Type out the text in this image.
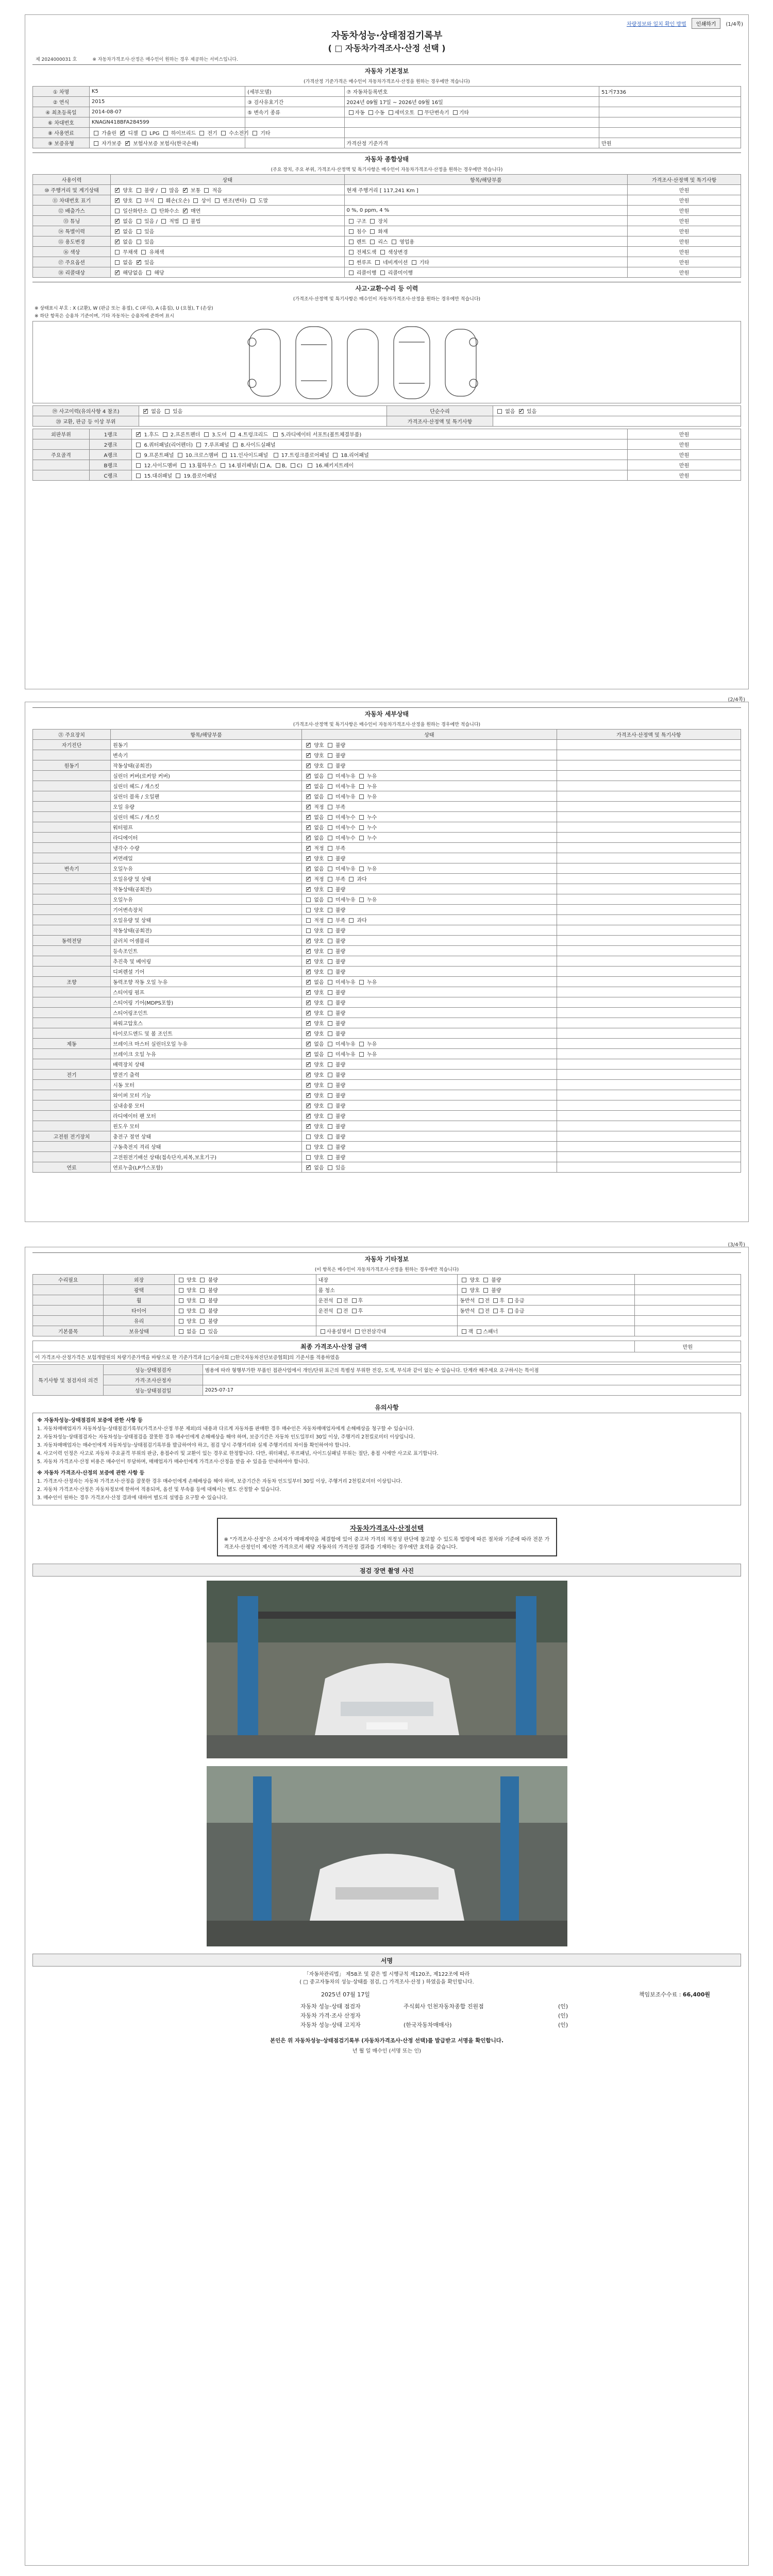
차량정보와 일치 확인 방법	인쇄하기	(1/4쪽)
자동차성능·상태점검기록부
( □ 자동차가격조사·산정 선택 )
제 2024000031 호	※ 자동차가격조사·산정은 매수인이 원하는 경우 제공하는 서비스입니다.
자동차 기본정보
(가격산정 기준가격은 매수인이 자동차가격조사·산정을 원하는 경우에만 적습니다)
① 차명	K5	(세부모델)	⑦ 자동차등록번호	51거7336
② 연식	2015	③ 검사유효기간	2024년 09월 17일 ~ 2026년 09월 16일	
④ 최초등록일	2014-08-07	⑤ 변속기 종류	자동 수동 세미오토 무단변속기 기타	
⑥ 차대번호	KNAGN418BFA284599			
⑧ 사용연료	가솔린 ✓ 디젤  LPG  하이브리드  전기  수소전기  기타			
⑨ 보증유형	자가보증 ✓ 보험사보증 보험사(한국손해)		가격산정 기준가격	만원
자동차 종합상태
(주요 장치, 주요 부위, 가격조사·산정액 및 특기사항은 매수인이 자동차가격조사·산정을 원하는 경우에만 적습니다)
사용이력	상태	항목/해당부품	가격조사·산정액 및 특기사항
⑩ 주행거리 및 계기상태	✓ 양호  불량 /  많음 ✓ 보통  적음	현재 주행거리 [ 117,241 Km ]	만원
⑪ 차대번호 표기	✓ 양호  부식  훼손(오손)  상이  변조(변타)  도말		만원
⑫ 배출가스	일산화탄소  탄화수소 ✓ 매연	0 %, 0 ppm, 4 %	만원
⑬ 튜닝	✓ 없음  있음 /  적법  불법	구조  장치	만원
⑭ 특별이력	✓ 없음  있음	침수  화재	만원
⑮ 용도변경	✓ 없음  있음	렌트  리스  영업용	만원
⑯ 색상	무채색  유채색	전체도색  색상변경	만원
⑰ 주요옵션	없음 ✓ 있음	썬루프  네비게이션  기타	만원
⑱ 리콜대상	✓ 해당없음  해당	리콜이행  리콜미이행	만원
사고·교환·수리 등 이력
(가격조사·산정액 및 특기사항은 매수인이 자동차가격조사·산정을 원하는 경우에만 적습니다)
※ 상태표시 부호 : X (교환), W (판금 또는 용접), C (부식), A (흠집), U (요철), T (손상)
※ 하단 항목은 승용차 기준이며, 기타 자동차는 승용차에 준하여 표시
⑲ 사고이력(유의사항 4 참조)	✓ 없음  있음	단순수리	없음 ✓ 있음
⑳ 교환, 판금 등 이상 부위		가격조사·산정액 및 특기사항	
외판부위	1랭크	✓ 1.후드  2.프론트펜더  3.도어  4.트렁크리드   5.라디에이터 서포트(볼트체결부품)	만원
	2랭크	6.쿼터패널(리어펜더)  7.루프패널  8.사이드실패널	만원
주요골격	A랭크	9.프론트패널  10.크로스멤버  11.인사이드패널   17.트렁크플로어패널  18.리어패널	만원
	B랭크	12.사이드멤버  13.휠하우스  14.필러패널( A, B, C)   16.패키지트레이	만원
	C랭크	15.대쉬패널  19.플로어패널	만원
(2/4쪽)
자동차 세부상태
(가격조사·산정액 및 특기사항은 매수인이 자동차가격조사·산정을 원하는 경우에만 적습니다)
㉑ 주요장치	항목/해당부품	상태	가격조사·산정액 및 특기사항
자기진단	원동기	✓ 양호  불량	
	변속기	✓ 양호  불량	
원동기	작동상태(공회전)	✓ 양호  불량	
	실린더 커버(로커암 커버)	✓ 없음  미세누유  누유	
	실린더 헤드 / 개스킷	✓ 없음  미세누유  누유	
	실린더 블록 / 오일팬	✓ 없음  미세누유  누유	
	오일 유량	✓ 적정  부족	
	실린더 헤드 / 개스킷	✓ 없음  미세누수  누수	
	워터펌프	✓ 없음  미세누수  누수	
	라디에이터	✓ 없음  미세누수  누수	
	냉각수 수량	✓ 적정  부족	
	커먼레일	✓ 양호  불량	
변속기	오일누유	✓ 없음  미세누유  누유	
	오일유량 및 상태	✓ 적정  부족  과다	
	작동상태(공회전)	✓ 양호  불량	
	오일누유	없음  미세누유  누유	
	기어변속장치	양호  불량	
	오일유량 및 상태	적정  부족  과다	
	작동상태(공회전)	양호  불량	
동력전달	클러치 어셈블리	✓ 양호  불량	
	등속조인트	✓ 양호  불량	
	추진축 및 베어링	✓ 양호  불량	
	디퍼렌셜 기어	✓ 양호  불량	
조향	동력조향 작동 오일 누유	✓ 없음  미세누유  누유	
	스티어링 펌프	✓ 양호  불량	
	스티어링 기어(MDPS포함)	✓ 양호  불량	
	스티어링조인트	✓ 양호  불량	
	파워고압호스	✓ 양호  불량	
	타이로드엔드 및 볼 조인트	✓ 양호  불량	
제동	브레이크 마스터 실린더오일 누유	✓ 없음  미세누유  누유	
	브레이크 오일 누유	✓ 없음  미세누유  누유	
	배력장치 상태	✓ 양호  불량	
전기	발전기 출력	✓ 양호  불량	
	시동 모터	✓ 양호  불량	
	와이퍼 모터 기능	✓ 양호  불량	
	실내송풍 모터	✓ 양호  불량	
	라디에이터 팬 모터	✓ 양호  불량	
	윈도우 모터	✓ 양호  불량	
고전원 전기장치	충전구 절연 상태	양호  불량	
	구동축전지 격리 상태	양호  불량	
	고전원전기배선 상태(접속단자,피복,보호기구)	양호  불량	
연료	연료누출(LP가스포함)	✓ 없음  있음	
(3/4쪽)
자동차 기타정보
(이 항목은 매수인이 자동차가격조사·산정을 원하는 경우에만 적습니다)
수리필요	외장	양호  불량	내장	양호  불량	
	광택	양호  불량	룸 청소	양호  불량	
	휠	양호  불량	운전석 전 후	동반석 전 후 응급	
	타이어	양호  불량	운전석 전 후	동반석 전 후 응급	
	유리	양호  불량			
기본품목	보유상태	없음  있음	사용설명서 안전삼각대	잭 스패너	
최종 가격조사·산정 금액	만원
이 가격조사·산정가격은 보험개발원의 차량기준가액을 바탕으로 한 기준가격과 [□기술사회 □한국자동차진단보증협회]의 기준서를 적용하였음
특기사항 및 점검자의 의견	성능·상태점검자	범용에 따라 형행부가한 부품인 접관사업에서 개인/단위 표근의 특별성 부위한 전강, 도색, 부식과 같이 없는 수 있습니다. 단계라 해주세요 요구하시는 특이점
	가격·조사산정자	
	성능·상태점검일	2025-07-17
유의사항
※ 자동차성능·상태점검의 보증에 관한 사항 등

1. 자동차매매업자가 자동차성능·상태점검기록부(가격조사·산정 부분 제외)의 내용과 다르게 자동차를 판매한 경우 매수인은 자동차매매업자에게 손해배상을 청구할 수 있습니다.

2. 자동차성능·상태점검자는 자동차성능·상태점검을 잘못한 경우 매수인에게 손해배상을 해야 하며, 보증기간은 자동차 인도일부터 30일 이상, 주행거리 2천킬로미터 이상입니다.

3. 자동차매매업자는 매수인에게 자동차성능·상태점검기록부를 발급하여야 하고, 점검 당시 주행거리와 실제 주행거리의 차이를 확인하여야 합니다.

4. 사고이력 인정은 사고로 자동차 주요골격 부위의 판금, 용접수리 및 교환이 있는 경우로 한정합니다. 다만, 쿼터패널, 루프패널, 사이드실패널 부위는 절단, 용접 시에만 사고로 표기합니다.

5. 자동차 가격조사·산정 비용은 매수인이 부담하며, 매매업자가 매수인에게 가격조사·산정을 받을 수 있음을 안내하여야 합니다.

※ 자동차 가격조사·산정의 보증에 관한 사항 등

1. 가격조사·산정자는 자동차 가격조사·산정을 잘못한 경우 매수인에게 손해배상을 해야 하며, 보증기간은 자동차 인도일부터 30일 이상, 주행거리 2천킬로미터 이상입니다.

2. 자동차 가격조사·산정은 자동차정보에 한하여 적용되며, 옵션 및 부속품 등에 대해서는 별도 산정할 수 있습니다.

3. 매수인이 원하는 경우 가격조사·산정 결과에 대하여 별도의 설명을 요구할 수 있습니다.

자동차가격조사·산정선택
※ "가격조사·산정"은 소비자가 매매계약을 체결함에 있어 중고차 가격의 적정성 판단에 참고할 수 있도록 법령에 따른 절차와 기준에 따라 전문 가격조사·산정인이 제시한 가격으로서 해당 자동차의 가격산정 결과를 기재하는 경우에만 효력을 갖습니다.
점검 장면 촬영 사진
서명
「자동차관리법」 제58조 및 같은 법 시행규칙 제120조, 제122조에 따라
( □ 중고자동차의 성능·상태를 점검, □ 가격조사·산정 ) 하였음을 확인합니다.
2025년 07월 17일	책임보조수수료 : 66,400원
자동차 성능·상태 점검자	주식회사 인천자동차종합 진원점	(인)
자동차 가격·조사 산정자	(인)
자동차 성능·상태 고지자	(한국자동차매매사)	(인)
본인은 위 자동차성능·상태점검기록부 (자동차가격조사·산정 선택)를 발급받고 서명을 확인합니다.
년 월 일 매수인 (서명 또는 인)
